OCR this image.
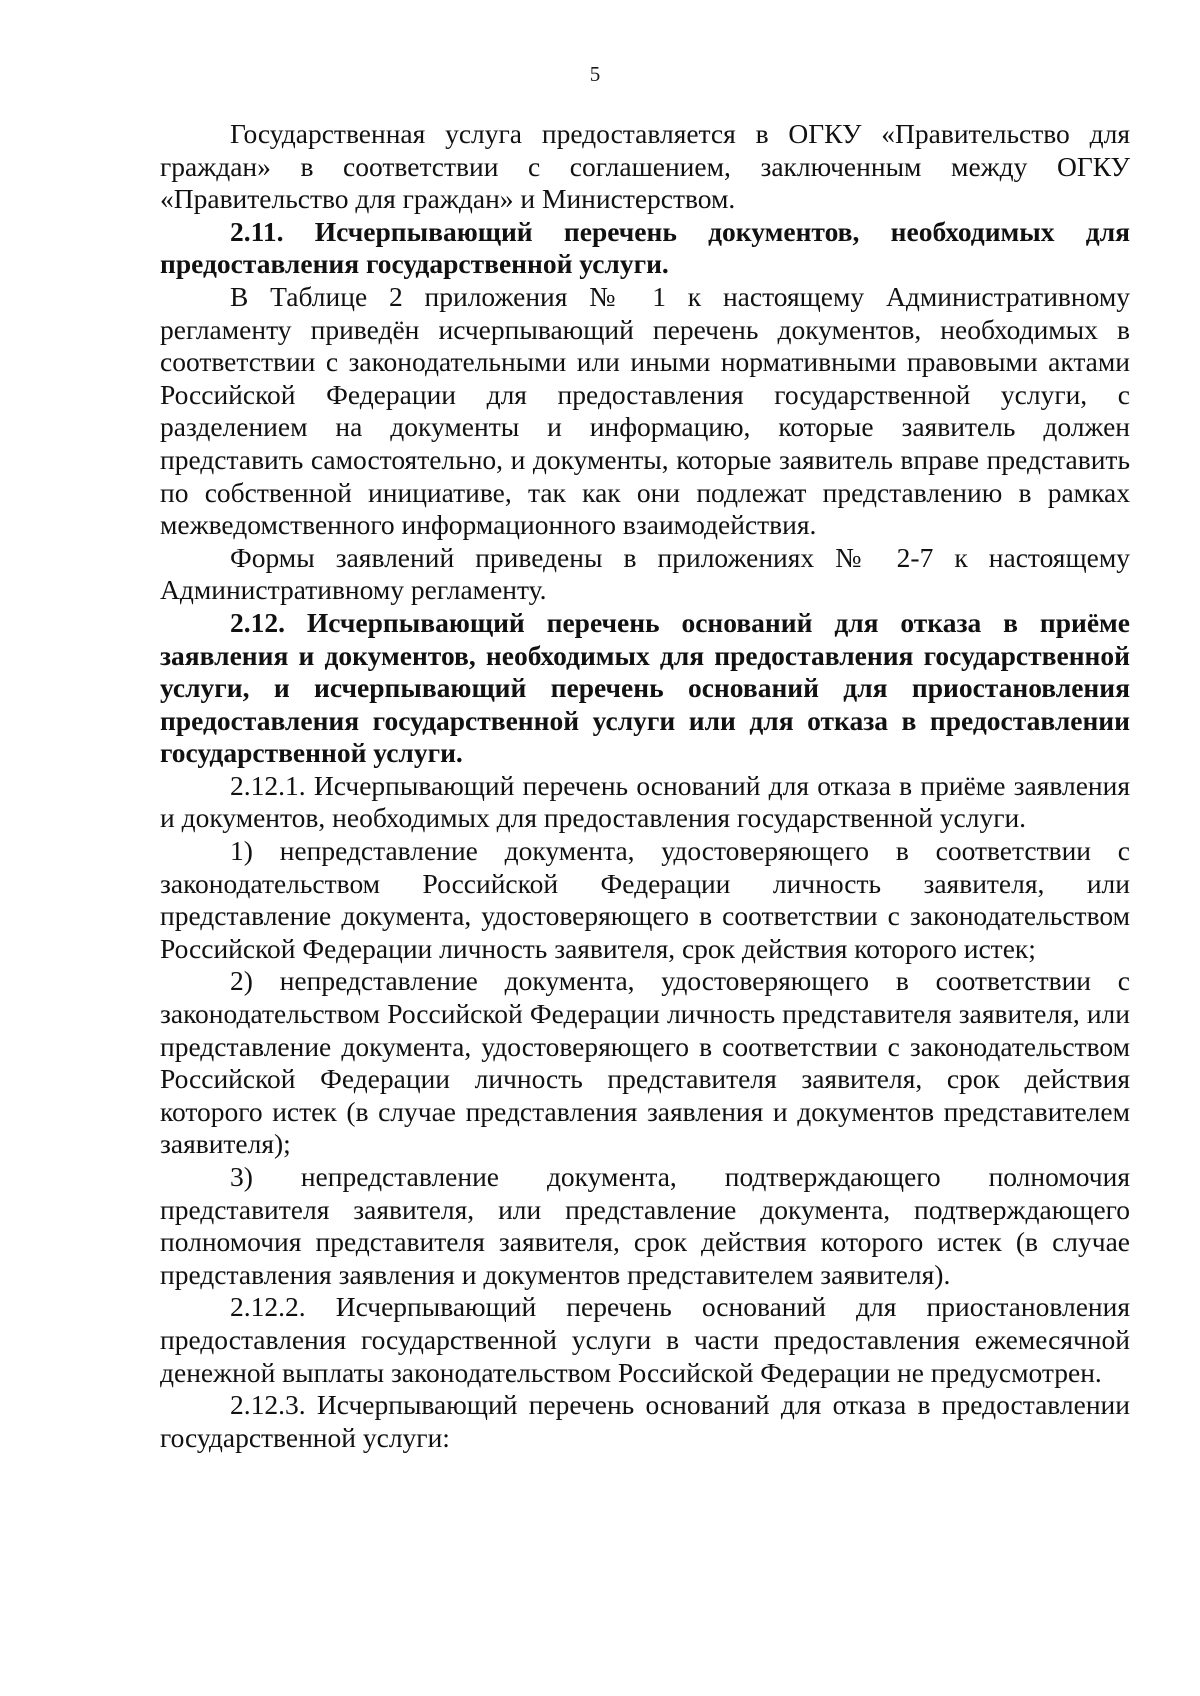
5

Государственная услуга предоставляется в ОГКУ «Правительство для граждан» в соответствии с соглашением, заключенным между ОГКУ «Правительство для граждан» и Министерством.

2.11. Исчерпывающий перечень документов, необходимых для предоставления государственной услуги.

В Таблице 2 приложения № 1 к настоящему Административному регламенту приведён исчерпывающий перечень документов, необходимых в соответствии с законодательными или иными нормативными правовыми актами Российской Федерации для предоставления государственной услуги, с разделением на документы и информацию, которые заявитель должен представить самостоятельно, и документы, которые заявитель вправе представить по собственной инициативе, так как они подлежат представлению в рамках межведомственного информационного взаимодействия.

Формы заявлений приведены в приложениях № 2-7 к настоящему Административному регламенту.

2.12. Исчерпывающий перечень оснований для отказа в приёме заявления и документов, необходимых для предоставления государственной услуги, и исчерпывающий перечень оснований для приостановления предоставления государственной услуги или для отказа в предоставлении государственной услуги.

2.12.1. Исчерпывающий перечень оснований для отказа в приёме заявления и документов, необходимых для предоставления государственной услуги.

1) непредставление документа, удостоверяющего в соответствии с законодательством Российской Федерации личность заявителя, или представление документа, удостоверяющего в соответствии с законодательством Российской Федерации личность заявителя, срок действия которого истек;

2) непредставление документа, удостоверяющего в соответствии с законодательством Российской Федерации личность представителя заявителя, или представление документа, удостоверяющего в соответствии с законодательством Российской Федерации личность представителя заявителя, срок действия которого истек (в случае представления заявления и документов представителем заявителя);

3) непредставление документа, подтверждающего полномочия представителя заявителя, или представление документа, подтверждающего полномочия представителя заявителя, срок действия которого истек (в случае представления заявления и документов представителем заявителя).

2.12.2. Исчерпывающий перечень оснований для приостановления предоставления государственной услуги в части предоставления ежемесячной денежной выплаты законодательством Российской Федерации не предусмотрен.

2.12.3. Исчерпывающий перечень оснований для отказа в предоставлении государственной услуги:
